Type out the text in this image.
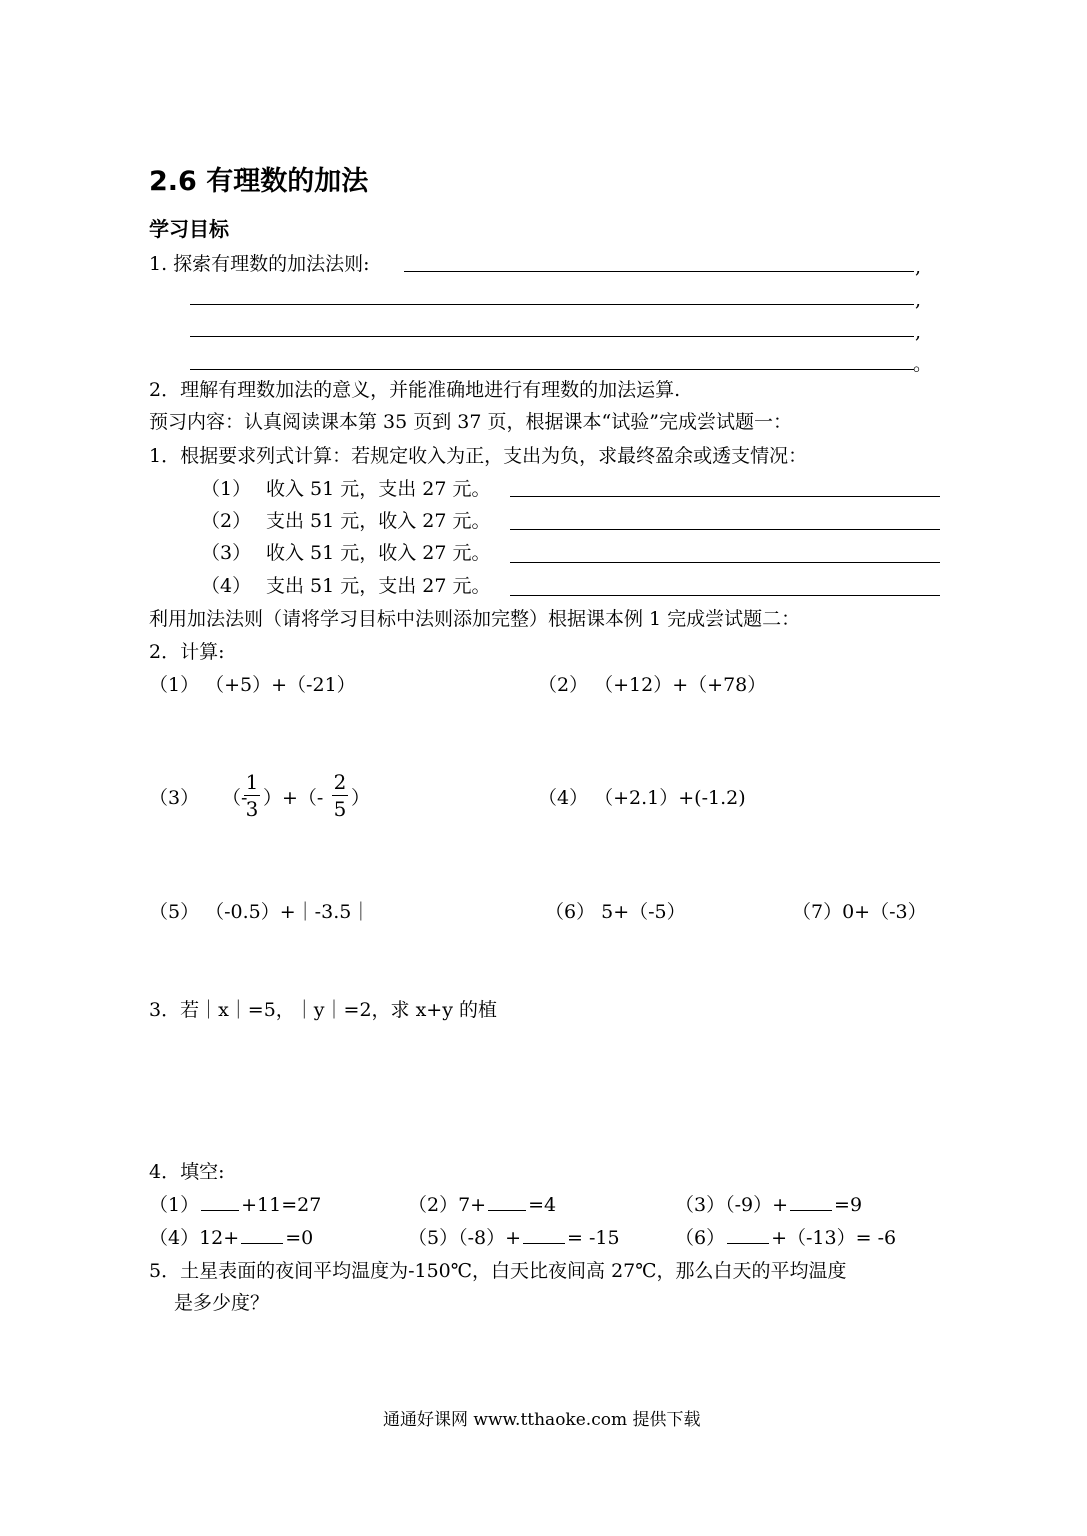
2.6 有理数的加法
学习目标
1. 探索有理数的加法法则:	,
,
,
。
2．理解有理数加法的意义，并能准确地进行有理数的加法运算.
预习内容：认真阅读课本第 35 页到 37 页，根据课本“试验”完成尝试题一：
1．根据要求列式计算：若规定收入为正，支出为负，求最终盈余或透支情况：
（1） 收入 51 元，支出 27 元。
（2） 支出 51 元，收入 27 元。
（3） 收入 51 元，收入 27 元。
（4） 支出 51 元，支出 27 元。
利用加法法则（请将学习目标中法则添加完整）根据课本例 1 完成尝试题二：
2．计算:
（1） （+5）+（-21）	（2） （+12）+（+78）
（3） （-
1
3 ）+（-
2
5 ）	（4） （+2.1）+(-1.2)
（5） （-0.5）+｜-3.5｜	（6） 5+（-5）	（7）0+（-3）
3．若｜x｜=5，｜y｜=2，求 x+y 的植
4．填空:
（1） +11=27	（2）7+ =4	（3）（-9）+ =9
（4）12+ =0	（5）（-8）+ = -15	（6） +（-13）= -6
5．土星表面的夜间平均温度为-150℃，白天比夜间高 27℃，那么白天的平均温度
是多少度？
通通好课网 www.tthaoke.com 提供下载
